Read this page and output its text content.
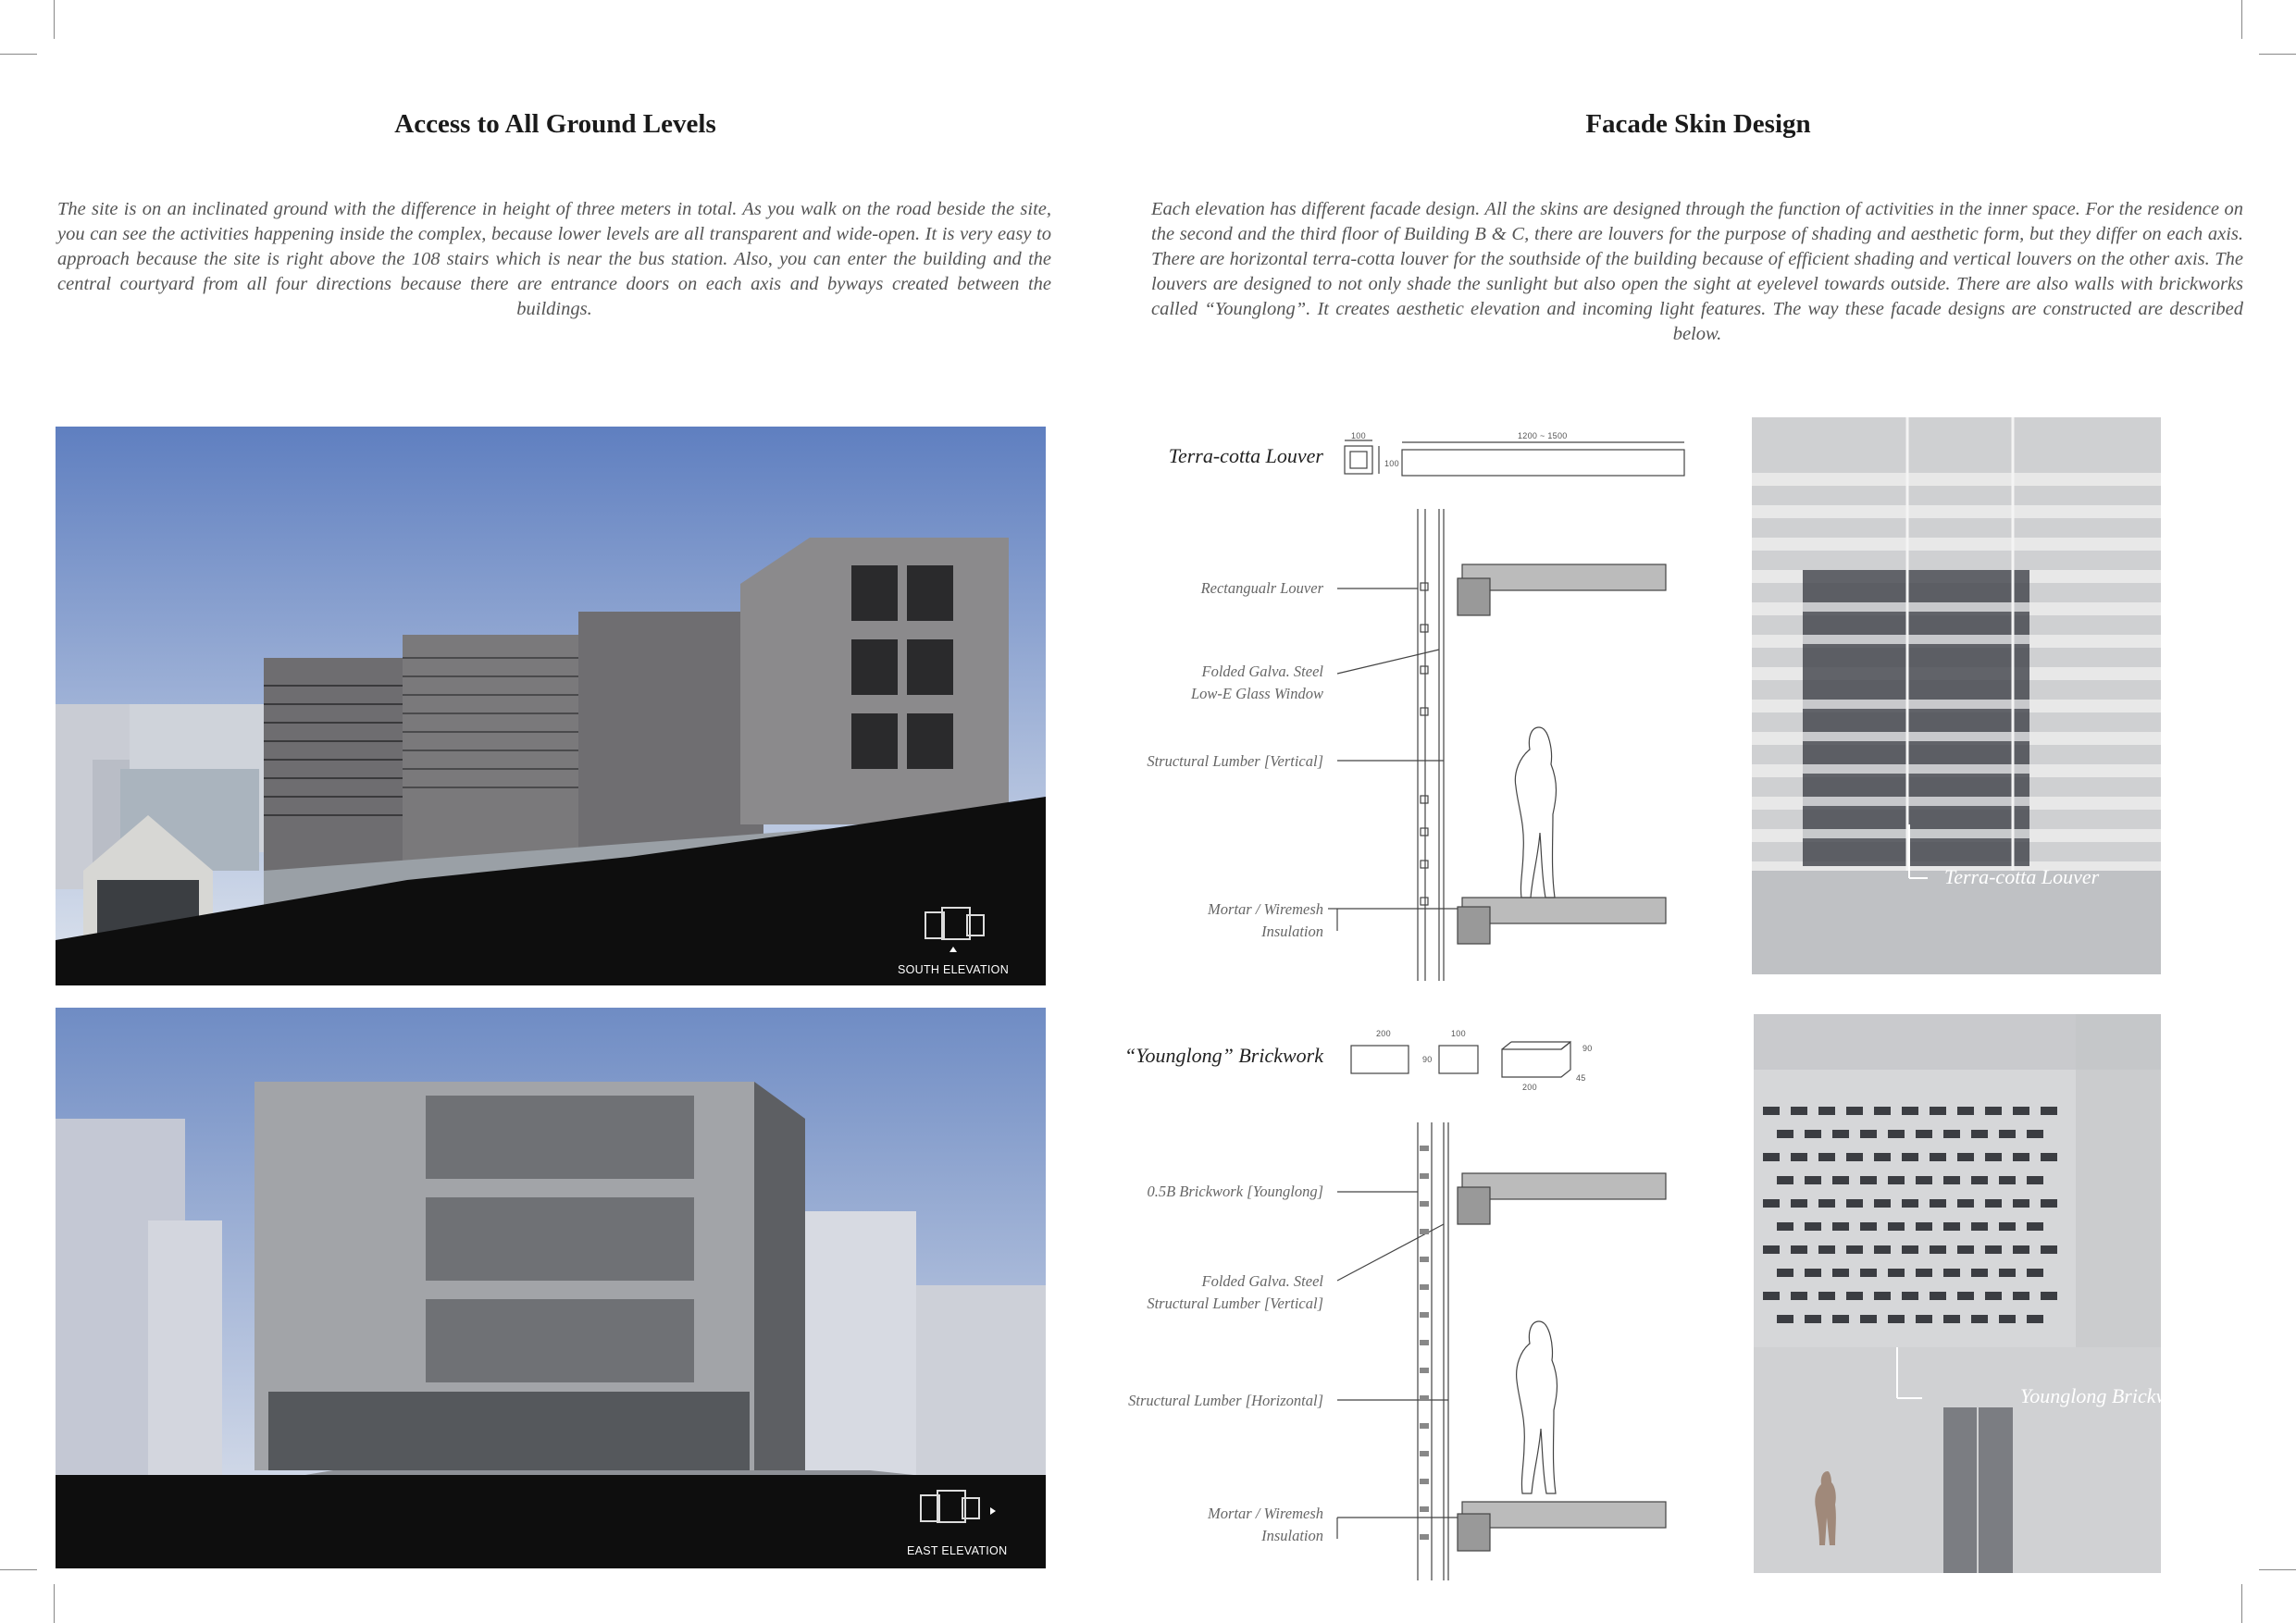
Access to All Ground Levels	Facade Skin Design
The site is on an inclinated ground with the difference in height of three meters in total. As you walk on the road beside the site, you can see the activities happening inside the complex, because lower levels are all transparent and wide-open. It is very easy to approach because the site is right above the 108 stairs which is near the bus station. Also, you can enter the building and the central courtyard from all four directions because there are entrance doors on each axis and byways created between the buildings.
Each elevation has different facade design. All the skins are designed through the function of activities in the inner space. For the residence on the second and the third floor of Building B & C, there are louvers for the purpose of shading and aesthetic form, but they differ on each axis. There are horizontal terra-cotta louver for the southside of the building because of efficient shading and vertical louvers on the other axis. The louvers are designed to not only shade the sunlight but also open the sight at eyelevel towards outside. There are also walls with brickworks called “Younglong”. It creates aesthetic elevation and incoming light features. The way these facade designs are constructed are described below.
SOUTH ELEVATION
EAST ELEVATION
Terra-cotta Louver
Rectangualr Louver
Folded Galva. Steel
Low-E Glass Window
Structural Lumber [Vertical]
Mortar / Wiremesh
Insulation
100
100
1200 ~ 1500
Terra-cotta Louver
“Younglong” Brickwork
0.5B Brickwork [Younglong]
Folded Galva. Steel
Structural Lumber [Vertical]
Structural Lumber [Horizontal]
Mortar / Wiremesh
Insulation
200
90
100
90
200
45
Younglong Brickwork
